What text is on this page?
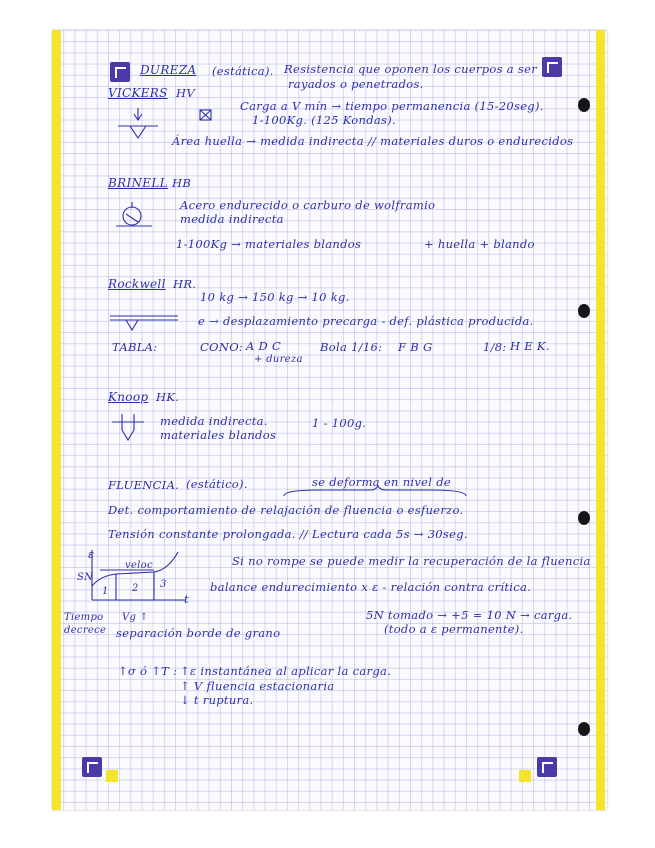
DUREZA (estática). Resistencia que oponen los cuerpos a ser
rayados o penetrados.
VICKERS HV
Carga a V mín → tiempo permanencia (15-20seg).
1-100Kg. (125 Kondas).
Área huella → medida indirecta // materiales duros o endurecidos
BRINELL HB
Acero endurecido o carburo de wolframio
medida indirecta
1-100Kg → materiales blandos	+ huella + blando
Rockwell HR.
10 kg → 150 kg → 10 kg.
e → desplazamiento precarga - def. plástica producida.
TABLA:	CONO: A D C
+ dureza
Bola 1/16: F B G	1/8: H E K.
Knoop HK.
medida indirecta.	1 - 100g.
materiales blandos
FLUENCIA. (estático).	se deforma en nivel de
Det. comportamiento de relajación de fluencia o esfuerzo.
Tensión constante prolongada. // Lectura cada 5s → 30seg.
ε
SN
veloc
1 2 3
t
Si no rompe se puede medir la recuperación de la fluencia
balance endurecimiento x ε - relación contra crítica.
5N tomado → +5 = 10 N → carga.
(todo a ε permanente).
Tiempo
decrece
Vg ↑
separación borde de grano
↑σ ó ↑T : ↑ε instantánea al aplicar la carga.
↑ V fluencia estacionaria
↓ t ruptura.
